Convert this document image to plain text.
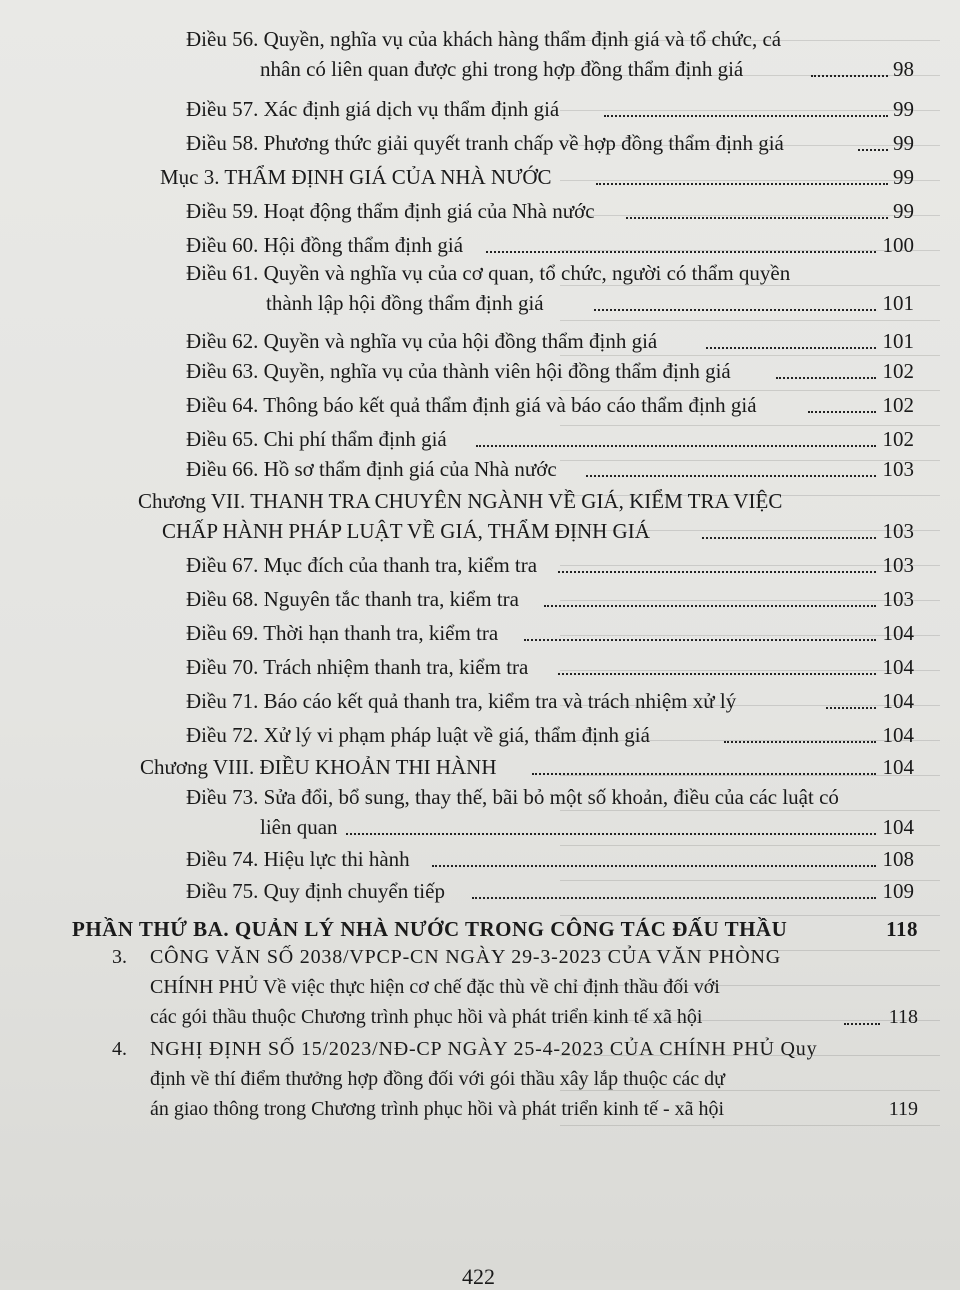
Điều 56. Quyền, nghĩa vụ của khách hàng thẩm định giá và tổ chức, cá
nhân có liên quan được ghi trong hợp đồng thẩm định giá	98
Điều 57. Xác định giá dịch vụ thẩm định giá	99
Điều 58. Phương thức giải quyết tranh chấp về hợp đồng thẩm định giá	99
Mục 3. THẨM ĐỊNH GIÁ CỦA NHÀ NƯỚC	99
Điều 59. Hoạt động thẩm định giá của Nhà nước	99
Điều 60. Hội đồng thẩm định giá	100
Điều 61. Quyền và nghĩa vụ của cơ quan, tổ chức, người có thẩm quyền
thành lập hội đồng thẩm định giá	101
Điều 62. Quyền và nghĩa vụ của hội đồng thẩm định giá	101
Điều 63. Quyền, nghĩa vụ của thành viên hội đồng thẩm định giá	102
Điều 64. Thông báo kết quả thẩm định giá và báo cáo thẩm định giá	102
Điều 65. Chi phí thẩm định giá	102
Điều 66. Hồ sơ thẩm định giá của Nhà nước	103
Chương VII. THANH TRA CHUYÊN NGÀNH VỀ GIÁ, KIỂM TRA VIỆC
CHẤP HÀNH PHÁP LUẬT VỀ GIÁ, THẨM ĐỊNH GIÁ	103
Điều 67. Mục đích của thanh tra, kiểm tra	103
Điều 68. Nguyên tắc thanh tra, kiểm tra	103
Điều 69. Thời hạn thanh tra, kiểm tra	104
Điều 70. Trách nhiệm thanh tra, kiểm tra	104
Điều 71. Báo cáo kết quả thanh tra, kiểm tra và trách nhiệm xử lý	104
Điều 72. Xử lý vi phạm pháp luật về giá, thẩm định giá	104
Chương VIII. ĐIỀU KHOẢN THI HÀNH	104
Điều 73. Sửa đổi, bổ sung, thay thế, bãi bỏ một số khoản, điều của các luật có
liên quan	104
Điều 74. Hiệu lực thi hành	108
Điều 75. Quy định chuyển tiếp	109
PHẦN THỨ BA. QUẢN LÝ NHÀ NƯỚC TRONG CÔNG TÁC ĐẤU THẦU	118
3.	CÔNG VĂN SỐ 2038/VPCP-CN NGÀY 29-3-2023 CỦA VĂN PHÒNG
CHÍNH PHỦ Về việc thực hiện cơ chế đặc thù về chỉ định thầu đối với
các gói thầu thuộc Chương trình phục hồi và phát triển kinh tế xã hội	118
4.	NGHỊ ĐỊNH SỐ 15/2023/NĐ-CP NGÀY 25-4-2023 CỦA CHÍNH PHỦ Quy
định về thí điểm thưởng hợp đồng đối với gói thầu xây lắp thuộc các dự
án giao thông trong Chương trình phục hồi và phát triển kinh tế - xã hội	119
422
